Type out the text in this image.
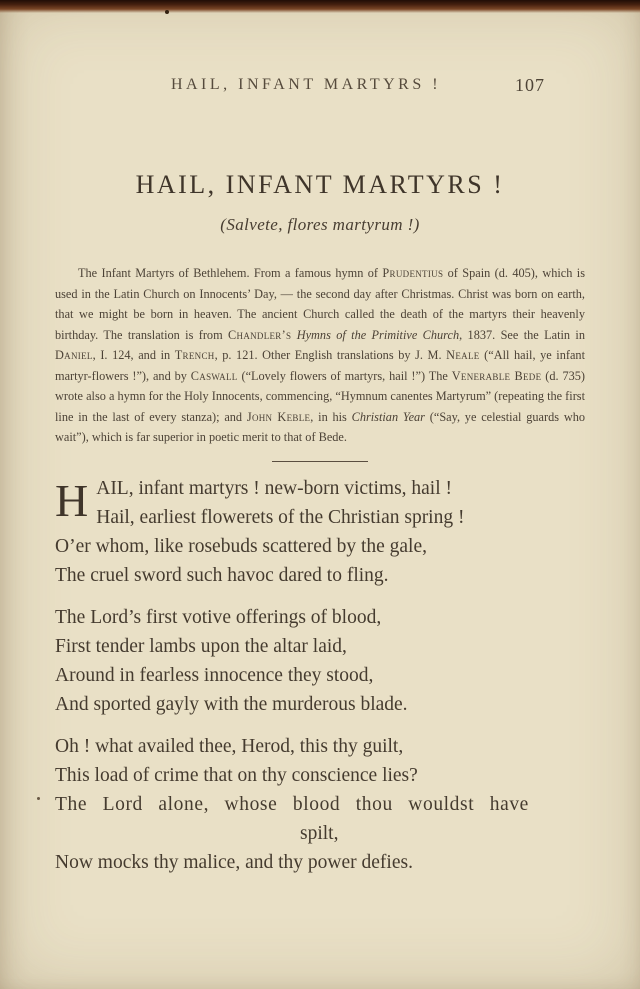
HAIL, INFANT MARTYRS !	107
HAIL, INFANT MARTYRS !
(Salvete, flores martyrum !)

The Infant Martyrs of Bethlehem. From a famous hymn of Prudentius of Spain (d. 405), which is used in the Latin Church on Innocents’ Day, — the second day after Christmas. Christ was born on earth, that we might be born in heaven. The ancient Church called the death of the martyrs their heavenly birthday. The translation is from Chandler’s Hymns of the Primitive Church, 1837. See the Latin in Daniel, I. 124, and in Trench, p. 121. Other English translations by J. M. Neale (“All hail, ye infant martyr-flowers !”), and by Caswall (“Lovely flowers of martyrs, hail !”) The Venerable Bede (d. 735) wrote also a hymn for the Holy Innocents, commencing, “Hymnum canentes Martyrum” (repeating the first line in the last of every stanza); and John Keble, in his Christian Year (“Say, ye celestial guards who wait”), which is far superior in poetic merit to that of Bede.

H AIL, infant martyrs ! new-born victims, hail !
Hail, earliest flowerets of the Christian spring !
O’er whom, like rosebuds scattered by the gale,
The cruel sword such havoc dared to fling.
The Lord’s first votive offerings of blood,
First tender lambs upon the altar laid,
Around in fearless innocence they stood,
And sported gayly with the murderous blade.
Oh ! what availed thee, Herod, this thy guilt,
This load of crime that on thy conscience lies?
The Lord alone, whose blood thou wouldst have
spilt,
Now mocks thy malice, and thy power defies.
